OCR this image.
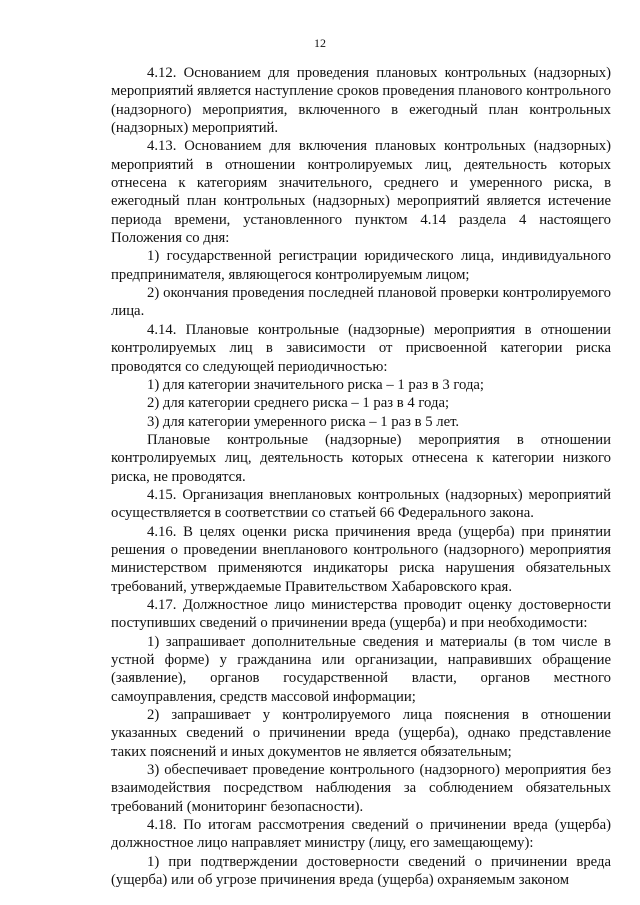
12

4.12. Основанием для проведения плановых контрольных (надзорных) мероприятий является наступление сроков проведения планового контрольного (надзорного) мероприятия, включенного в ежегодный план контрольных (надзорных) мероприятий.

4.13. Основанием для включения плановых контрольных (надзорных) мероприятий в отношении контролируемых лиц, деятельность которых отнесена к категориям значительного, среднего и умеренного риска, в ежегодный план контрольных (надзорных) мероприятий является истечение периода времени, установленного пунктом 4.14 раздела 4 настоящего Положения со дня:

1) государственной регистрации юридического лица, индивидуального предпринимателя, являющегося контролируемым лицом;

2) окончания проведения последней плановой проверки контролируемого лица.

4.14. Плановые контрольные (надзорные) мероприятия в отношении контролируемых лиц в зависимости от присвоенной категории риска проводятся со следующей периодичностью:

1) для категории значительного риска – 1 раз в 3 года;

2) для категории среднего риска – 1 раз в 4 года;

3) для категории умеренного риска – 1 раз в 5 лет.

Плановые контрольные (надзорные) мероприятия в отношении контролируемых лиц, деятельность которых отнесена к категории низкого риска, не проводятся.

4.15. Организация внеплановых контрольных (надзорных) мероприятий осуществляется в соответствии со статьей 66 Федерального закона.

4.16. В целях оценки риска причинения вреда (ущерба) при принятии решения о проведении внепланового контрольного (надзорного) мероприятия министерством применяются индикаторы риска нарушения обязательных требований, утверждаемые Правительством Хабаровского края.

4.17. Должностное лицо министерства проводит оценку достоверности поступивших сведений о причинении вреда (ущерба) и при необходимости:

1) запрашивает дополнительные сведения и материалы (в том числе в устной форме) у гражданина или организации, направивших обращение (заявление), органов государственной власти, органов местного самоуправления, средств массовой информации;

2) запрашивает у контролируемого лица пояснения в отношении указанных сведений о причинении вреда (ущерба), однако представление таких пояснений и иных документов не является обязательным;

3) обеспечивает проведение контрольного (надзорного) мероприятия без взаимодействия посредством наблюдения за соблюдением обязательных требований (мониторинг безопасности).

4.18. По итогам рассмотрения сведений о причинении вреда (ущерба) должностное лицо направляет министру (лицу, его замещающему):

1) при подтверждении достоверности сведений о причинении вреда (ущерба) или об угрозе причинения вреда (ущерба) охраняемым законом
